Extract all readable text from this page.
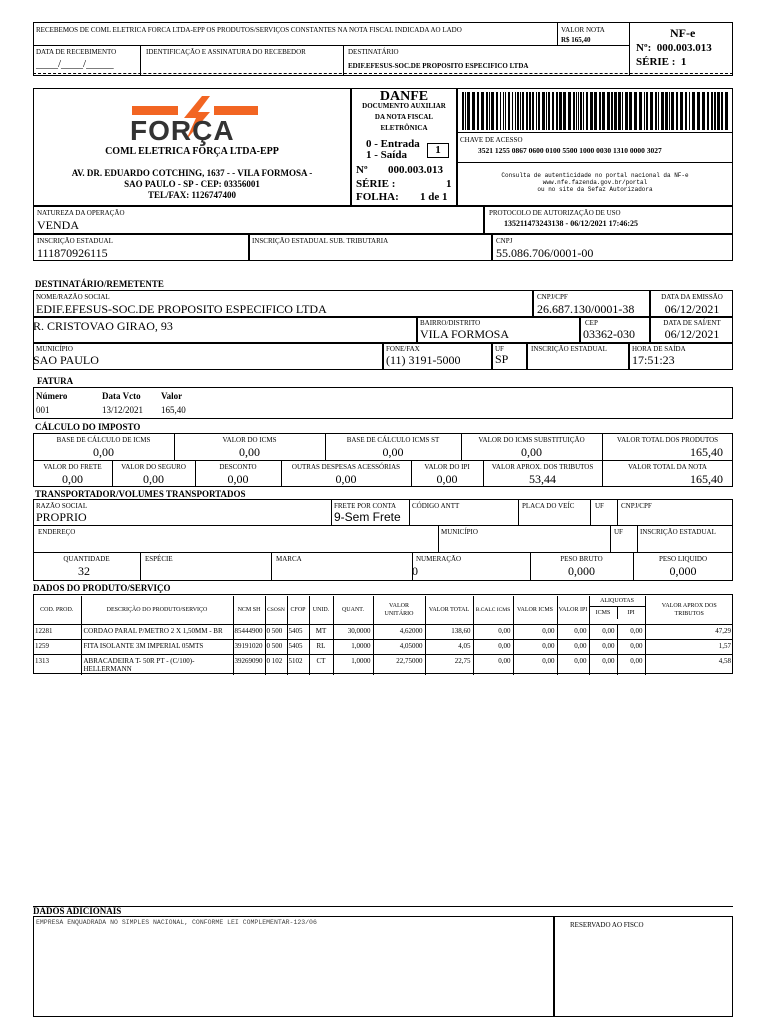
RECEBEMOS DE COML ELETRICA FORCA LTDA-EPP OS PRODUTOS/SERVIÇOS CONSTANTES NA NOTA FISCAL INDICADA AO LADO	VALOR NOTA
R$ 165,40
DATA DE RECEBIMENTO
____/____/_____
IDENTIFICAÇÃO E ASSINATURA DO RECEBEDOR	DESTINATÁRIO
EDIF.EFESUS-SOC.DE PROPOSITO ESPECIFICO LTDA
NF-e
Nº:  000.003.013
SÉRIE :  1
FORÇA
COML ELETRICA FORÇA LTDA-EPP
AV. DR. EDUARDO COTCHING, 1637 - - VILA FORMOSA -
SAO PAULO - SP - CEP: 03356001
TEL/FAX: 1126747400
DANFE
DOCUMENTO AUXILIAR
DA NOTA FISCAL
ELETRÔNICA
0 - Entrada
1 - Saída	1
Nº 000.003.013
SÉRIE :	1
FOLHA: 1 de 1
CHAVE DE ACESSO
3521 1255 0867 0600 0100 5500 1000 0030 1310 0000 3027
Consulta de autenticidade no portal nacional da NF-e
www.nfe.fazenda.gov.br/portal
ou no site da Sefaz Autorizadora
NATUREZA DA OPERAÇÃO
VENDA
PROTOCOLO DE AUTORIZAÇÃO DE USO
135211473243138 - 06/12/2021 17:46:25
INSCRIÇÃO ESTADUAL
111870926115
INSCRIÇÃO ESTADUAL SUB. TRIBUTARIA	CNPJ
55.086.706/0001-00
DESTINATÁRIO/REMETENTE
NOME/RAZÃO SOCIAL
EDIF.EFESUS-SOC.DE PROPOSITO ESPECIFICO LTDA
CNPJ/CPF
26.687.130/0001-38
DATA DA EMISSÃO
06/12/2021
R. CRISTOVAO GIRAO, 93	BAIRRO/DISTRITO
VILA FORMOSA
CEP
03362-030
DATA DE SAÍ/ENT
06/12/2021
MUNICÍPIO
SAO PAULO
FONE/FAX
(11) 3191-5000
UF
SP
INSCRIÇÃO ESTADUAL	HORA DE SAÍDA
17:51:23
FATURA
Número	Data Vcto Valor
001	13/12/2021 165,40
CÁLCULO DO IMPOSTO
BASE DE CÁLCULO DE ICMS
0,00
VALOR DO ICMS
0,00
BASE DE CÁLCULO ICMS ST
0,00
VALOR DO ICMS SUBSTITUIÇÃO
0,00
VALOR TOTAL DOS PRODUTOS
165,40
VALOR DO FRETE
0,00
VALOR DO SEGURO
0,00
DESCONTO
0,00
OUTRAS DESPESAS ACESSÓRIAS
0,00
VALOR DO IPI
0,00
VALOR APROX. DOS TRIBUTOS
53,44
VALOR TOTAL DA NOTA
165,40
TRANSPORTADOR/VOLUMES TRANSPORTADOS
RAZÃO SOCIAL
PROPRIO
FRETE POR CONTA
9-Sem Frete
CÓDIGO ANTT	PLACA DO VEÍC	UF CNPJ/CPF
ENDEREÇO	MUNICÍPIO	UF INSCRIÇÃO ESTADUAL
QUANTIDADE
32
ESPÉCIE	MARCA	NUMERAÇÃO
0
PESO BRUTO
0,000
PESO LIQUIDO
0,000
DADOS DO PRODUTO/SERVIÇO
COD. PROD.	DESCRIÇÃO DO PRODUTO/SERVIÇO	NCM SH	CSOSN	CFOP	UNID.	QUANT.	VALOR UNITÁRIO	VALOR TOTAL	B.CALC ICMS	VALOR ICMS	VALOR IPI	ALIQUOTAS
ICMS IPI		VALOR APROX DOS TRIBUTOS
12281	CORDAO PARAL P/METRO 2 X 1,50MM - BR	85444900	0 500	5405	MT	30,0000	4,62000	138,60	0,00	0,00	0,00	0,00	0,00	47,29
1259	FITA ISOLANTE 3M IMPERIAL 05MTS	39191020	0 500	5405	RL	1,0000	4,05000	4,05	0,00	0,00	0,00	0,00	0,00	1,57
1313	ABRACADEIRA T- 50R PT - (C/100)-HELLERMANN	39269090	0 102	5102	CT	1,0000	22,75000	22,75	0,00	0,00	0,00	0,00	0,00	4,58
DADOS ADICIONAIS
EMPRESA ENQUADRADA NO SIMPLES NACIONAL, CONFORME LEI COMPLEMENTAR-123/06	RESERVADO AO FISCO
